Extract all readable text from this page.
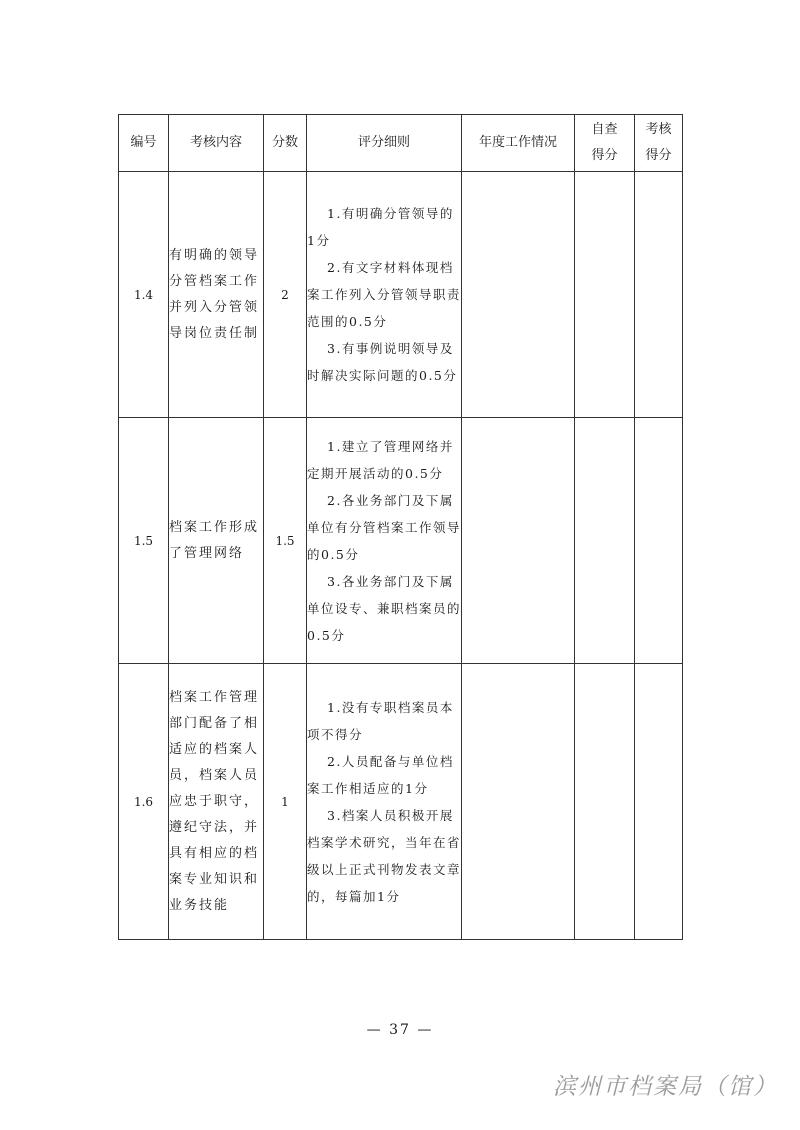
编号	考核内容	分数	评分细则	年度工作情况	自查得分	考核得分
1.4	有明确的领导分管档案工作并列入分管领导岗位责任制	2	1.有明确分管领导的1分
2.有文字材料体现档案工作列入分管领导职责范围的0.5分
3.有事例说明领导及时解决实际问题的0.5分			

1.5	档案工作形成了管理网络	1.5	1.建立了管理网络并定期开展活动的0.5分
2.各业务部门及下属单位有分管档案工作领导的0.5分
3.各业务部门及下属单位设专、兼职档案员的0.5分			

1.6	档案工作管理部门配备了相适应的档案人员，档案人员应忠于职守，遵纪守法，并具有相应的档案专业知识和业务技能	1	1.没有专职档案员本项不得分
2.人员配备与单位档案工作相适应的1分
3.档案人员积极开展档案学术研究，当年在省级以上正式刊物发表文章的，每篇加1分			

— 37 —
滨州市档案局（馆）
